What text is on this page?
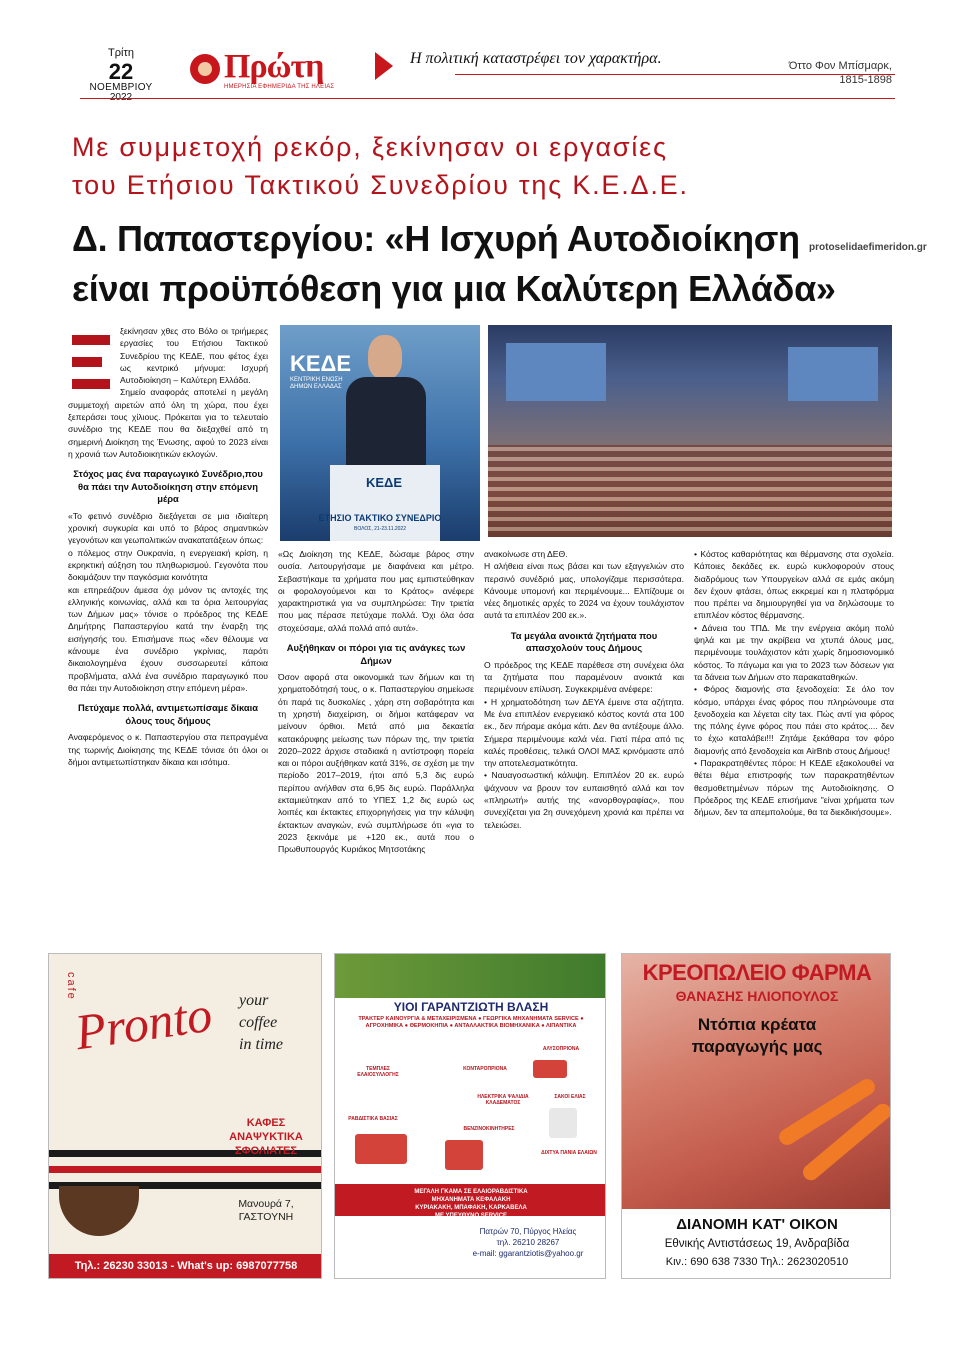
Τρίτη
22
ΝΟΕΜΒΡΙΟΥ
2022
Πρώτη
ΗΜΕΡΗΣΙΑ ΕΦΗΜΕΡΙΔΑ ΤΗΣ ΗΛΕΙΑΣ
Η πολιτική καταστρέφει τον χαρακτήρα.	Όττο Φον Μπίσμαρκ,
1815-1898
Με συμμετοχή ρεκόρ, ξεκίνησαν οι εργασίες
του Ετήσιου Τακτικού Συνεδρίου της Κ.Ε.Δ.Ε.
Δ. Παπαστεργίου: «Η Ισχυρή Αυτοδιοίκηση
είναι προϋπόθεση για μια Καλύτερη Ελλάδα»
protoselidaefimeridon.gr
ΚΕΔΕ
ΚΕΝΤΡΙΚΗ ΕΝΩΣΗ ΔΗΜΩΝ ΕΛΛΑΔΑΣ
ΚΕΔΕ
ΕΤΗΣΙΟ ΤΑΚΤΙΚΟ ΣΥΝΕΔΡΙΟ
ΒΟΛΟΣ, 21-23.11.2022

ξεκίνησαν χθες στο Βόλο οι τριήμερες εργασίες του Ετήσιου Τακτικού Συνεδρίου της ΚΕΔΕ, που φέτος έχει ως κεντρικό μήνυμα: Ισχυρή Αυτοδιοίκηση – Καλύτερη Ελλάδα.

Σημείο αναφοράς αποτελεί η μεγάλη συμμετοχή αιρετών από όλη τη χώρα, που έχει ξεπεράσει τους χίλιους. Πρόκειται για το τελευταίο συνέδριο της ΚΕΔΕ που θα διεξαχθεί από τη σημερινή Διοίκηση της Ένωσης, αφού το 2023 είναι η χρονιά των Αυτοδιοικητικών εκλογών.

Στόχος μας ένα παραγωγικό Συνέδριο,που θα πάει την Αυτοδιοίκηση στην επόμενη μέρα

«Το φετινό συνέδριο διεξάγεται σε μια ιδιαίτερη χρονική συγκυρία και υπό το βάρος σημαντικών γεγονότων και γεωπολιτικών ανακατατάξεων όπως:

ο πόλεμος στην Ουκρανία, η ενεργειακή κρίση, η εκρηκτική αύξηση του πληθωρισμού. Γεγονότα που δοκιμάζουν την παγκόσμια κοινότητα

και επηρεάζουν άμεσα όχι μόνον τις αντοχές της ελληνικής κοινωνίας, αλλά και τα όρια λειτουργίας των Δήμων μας» τόνισε ο πρόεδρος της ΚΕΔΕ Δημήτρης Παπαστεργίου κατά την έναρξη της εισήγησής του. Επισήμανε πως «δεν θέλουμε να κάνουμε ένα συνέδριο γκρίνιας, παρότι δικαιολογημένα έχουν συσσωρευτεί κάποια προβλήματα, αλλά ένα συνέδριο παραγωγικό που θα πάει την Αυτοδιοίκηση στην επόμενη μέρα».

Πετύχαμε πολλά, αντιμετωπίσαμε δίκαια όλους τους δήμους

Αναφερόμενος ο κ. Παπαστεργίου στα πεπραγμένα της τωρινής Διοίκησης της ΚΕΔΕ τόνισε ότι όλοι οι δήμοι αντιμετωπίστηκαν δίκαια και ισότιμα.

«Ως Διοίκηση της ΚΕΔΕ, δώσαμε βάρος στην ουσία. Λειτουργήσαμε με διαφάνεια και μέτρο. Σεβαστήκαμε τα χρήματα που μας εμπιστεύθηκαν οι φορολογούμενοι και το Κράτος» ανέφερε χαρακτηριστικά για να συμπληρώσει: Την τριετία που μας πέρασε πετύχαμε πολλά. Όχι όλα όσα στοχεύσαμε, αλλά πολλά από αυτά».

Αυξήθηκαν οι πόροι για τις ανάγκες των Δήμων

Όσον αφορά στα οικονομικά των δήμων και τη χρηματοδότησή τους, ο κ. Παπαστεργίου σημείωσε ότι παρά τις δυσκολίες , χάρη στη σοβαρότητα και τη χρηστή διαχείριση, οι δήμοι κατάφεραν να μείνουν όρθιοι. Μετά από μια δεκαετία κατακόρυφης μείωσης των πόρων της, την τριετία 2020–2022 άρχισε σταδιακά η αντίστροφη πορεία και οι πόροι αυξήθηκαν κατά 31%, σε σχέση με την περίοδο 2017–2019, ήτοι από 5,3 δις ευρώ περίπου ανήλθαν στα 6,95 δις ευρώ. Παράλληλα εκταμιεύτηκαν από το ΥΠΕΣ 1,2 δις ευρώ ως λοιπές και έκτακτες επιχορηγήσεις για την κάλυψη έκτακτων αναγκών, ενώ συμπλήρωσε ότι «για το 2023 ξεκινάμε με +120 εκ., αυτά που ο Πρωθυπουργός Κυριάκος Μητσοτάκης

ανακοίνωσε στη ΔΕΘ.

Η αλήθεια είναι πως βάσει και των εξαγγελιών στο περσινό συνέδριό μας, υπολογίζαμε περισσότερα. Κάνουμε υπομονή και περιμένουμε... Ελπίζουμε οι νέες δημοτικές αρχές το 2024 να έχουν τουλάχιστον αυτά τα επιπλέον 200 εκ.».

Τα μεγάλα ανοικτά ζητήματα που απασχολούν τους Δήμους

Ο πρόεδρος της ΚΕΔΕ παρέθεσε στη συνέχεια όλα τα ζητήματα που παραμένουν ανοικτά και περιμένουν επίλυση. Συγκεκριμένα ανέφερε:

• Η χρηματοδότηση των ΔΕΥΑ έμεινε στα αζήτητα. Με ένα επιπλέον ενεργειακό κόστος κοντά στα 100 εκ., δεν πήραμε ακόμα κάτι. Δεν θα αντέξουμε άλλο. Σήμερα περιμένουμε καλά νέα. Γιατί πέρα από τις καλές προθέσεις, τελικά ΟΛΟΙ ΜΑΣ κρινόμαστε από την αποτελεσματικότητα.

• Ναυαγοσωστική κάλυψη. Επιπλέον 20 εκ. ευρώ ψάχνουν να βρουν τον ευπαισθητό αλλά και τον «πληρωτή» αυτής της «ανορθογραφίας», που συνεχίζεται για 2η συνεχόμενη χρονιά και πρέπει να τελειώσει.

• Κόστος καθαριότητας και θέρμανσης στα σχολεία. Κάποιες δεκάδες εκ. ευρώ κυκλοφορούν στους διαδρόμους των Υπουργείων αλλά σε εμάς ακόμη δεν έχουν φτάσει, όπως εκκρεμεί και η πλατφόρμα που πρέπει να δημιουργηθεί για να δηλώσουμε το επιπλέον κόστος θέρμανσης.

• Δάνεια του ΤΠΔ. Με την ενέργεια ακόμη πολύ ψηλά και με την ακρίβεια να χτυπά όλους μας, περιμένουμε τουλάχιστον κάτι χωρίς δημοσιονομικό κόστος. Το πάγωμα και για το 2023 των δόσεων για τα δάνεια των Δήμων στο παρακαταθηκών.

• Φόρος διαμονής στα ξενοδοχεία: Σε όλο τον κόσμο, υπάρχει ένας φόρος που πληρώνουμε στα ξενοδοχεία και λέγεται city tax. Πώς αντί για φόρος της πόλης έγινε φόρος που πάει στο κράτος.... δεν το έχω καταλάβει!!! Ζητάμε ξεκάθαρα τον φόρο διαμονής από ξενοδοχεία και AirBnb στους Δήμους!

• Παρακρατηθέντες πόροι: Η ΚΕΔΕ εξακολουθεί να θέτει θέμα επιστροφής των παρακρατηθέντων θεσμοθετημένων πόρων της Αυτοδιοίκησης. Ο Πρόεδρος της ΚΕΔΕ επισήμανε "είναι χρήματα των δήμων, δεν τα απεμπολούμε, θα τα διεκδικήσουμε».

cafe
Pronto your
coffee
in time
ΚΑΦΕΣ
ΑΝΑΨΥΚΤΙΚΑ
ΣΦΟΛΙΑΤΕΣ
Μανουρά 7,
ΓΑΣΤΟΥΝΗ
Τηλ.: 26230 33013 - What's up: 6987077758
ΥΙΟΙ ΓΑΡΑΝΤΖΙΩΤΗ ΒΛΑΣΗ
ΤΡΑΚΤΕΡ ΚΑΙΝΟΥΡΓΙΑ & ΜΕΤΑΧΕΙΡΙΣΜΕΝΑ ● ΓΕΩΡΓΙΚΑ ΜΗΧΑΝΗΜΑΤΑ SERVICE ● ΑΓΡΟΧΗΜΙΚΑ ● ΘΕΡΜΟΚΗΠΙΑ ● ΑΝΤΑΛΛΑΚΤΙΚΑ ΒΙΟΜΗΧΑΝΙΚΑ ● ΛΙΠΑΝΤΙΚΑ
ΤΕΜΠΛΕΣ ΕΛΑΙΟΣΥΛΛΟΓΗΣ
ΚΟΝΤΑΡΟΠΡΙΟΝΑ
ΑΛΥΣΟΠΡΙΟΝΑ
ΗΛΕΚΤΡΙΚΑ ΨΑΛΙΔΙΑ ΚΛΑΔΕΜΑΤΟΣ
ΣΑΚΟΙ ΕΛΙΑΣ
ΡΑΒΔΙΣΤΙΚΑ ΒΑΣΙΑΣ
ΒΕΝΖΙΝΟΚΙΝΗΤΗΡΕΣ
ΔΙΧΤΥΑ ΠΑΝΙΑ ΕΛΑΙΩΝ
ΜΕΓΑΛΗ ΓΚΑΜΑ ΣΕ ΕΛΑΙΟΡΑΒΔΙΣΤΙΚΑ
ΜΗΧΑΝΗΜΑΤΑ ΚΕΦΑΛΑΚΗ
ΚΥΡΙΑΚΑΚΗ, ΜΠΑΦΑΚΗ, ΚΑΡΚΑΒΕΛΑ
ΜΕ ΥΠΕΥΘΥΝΟ SERVICE
Πατρών 70, Πύργος Ηλείας
τηλ. 26210 28267
e-mail: ggarantziotis@yahoo.gr
ΚΡΕΟΠΩΛΕΙΟ ΦΑΡΜΑ
ΘΑΝΑΣΗΣ ΗΛΙΟΠΟΥΛΟΣ
Ντόπια κρέατα
παραγωγής μας
ΔΙΑΝΟΜΗ ΚΑΤ' ΟΙΚΟΝ
Εθνικής Αντιστάσεως 19, Ανδραβίδα
Κιν.: 690 638 7330 Τηλ.: 2623020510
